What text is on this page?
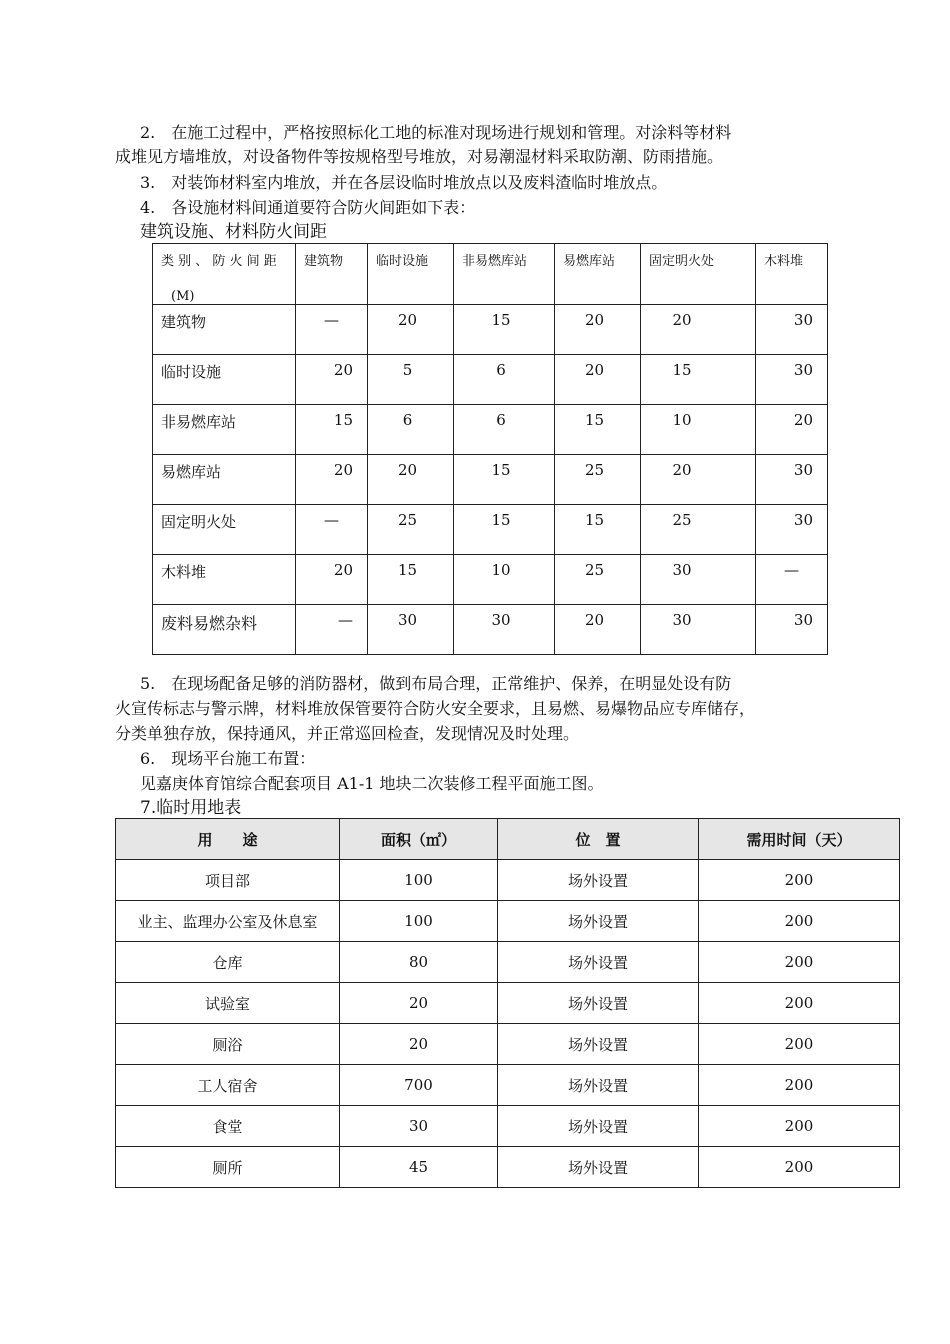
2.　在施工过程中，严格按照标化工地的标准对现场进行规划和管理。对涂料等材料
成堆见方墙堆放，对设备物件等按规格型号堆放，对易潮湿材料采取防潮、防雨措施。
3.　对装饰材料室内堆放，并在各层设临时堆放点以及废料渣临时堆放点。
4.　各设施材料间通道要符合防火间距如下表：
建筑设施、材料防火间距
类 别 、 防 火 间 距
(M)	建筑物	临时设施	非易燃库站	易燃库站	固定明火处	木料堆

建筑物	—	20	15	20	20	30

临时设施	20	5	6	20	15	30

非易燃库站	15	6	6	15	10	20

易燃库站	20	20	15	25	20	30

固定明火处	—	25	15	15	25	30

木料堆	20	15	10	25	30	—

废料易燃杂料	—	30	30	20	30	30
5.　在现场配备足够的消防器材，做到布局合理，正常维护、保养，在明显处设有防
火宣传标志与警示牌，材料堆放保管要符合防火安全要求，且易燃、易爆物品应专库储存，
分类单独存放，保持通风，并正常巡回检查，发现情况及时处理。
6.　现场平台施工布置：
见嘉庚体育馆综合配套项目 A1-1 地块二次装修工程平面施工图。
7.临时用地表
用　　途	面积（㎡）	位　置	需用时间（天）
项目部	100	场外设置	200
业主、监理办公室及休息室	100	场外设置	200
仓库	80	场外设置	200
试验室	20	场外设置	200
厕浴	20	场外设置	200
工人宿舍	700	场外设置	200
食堂	30	场外设置	200
厕所	45	场外设置	200
